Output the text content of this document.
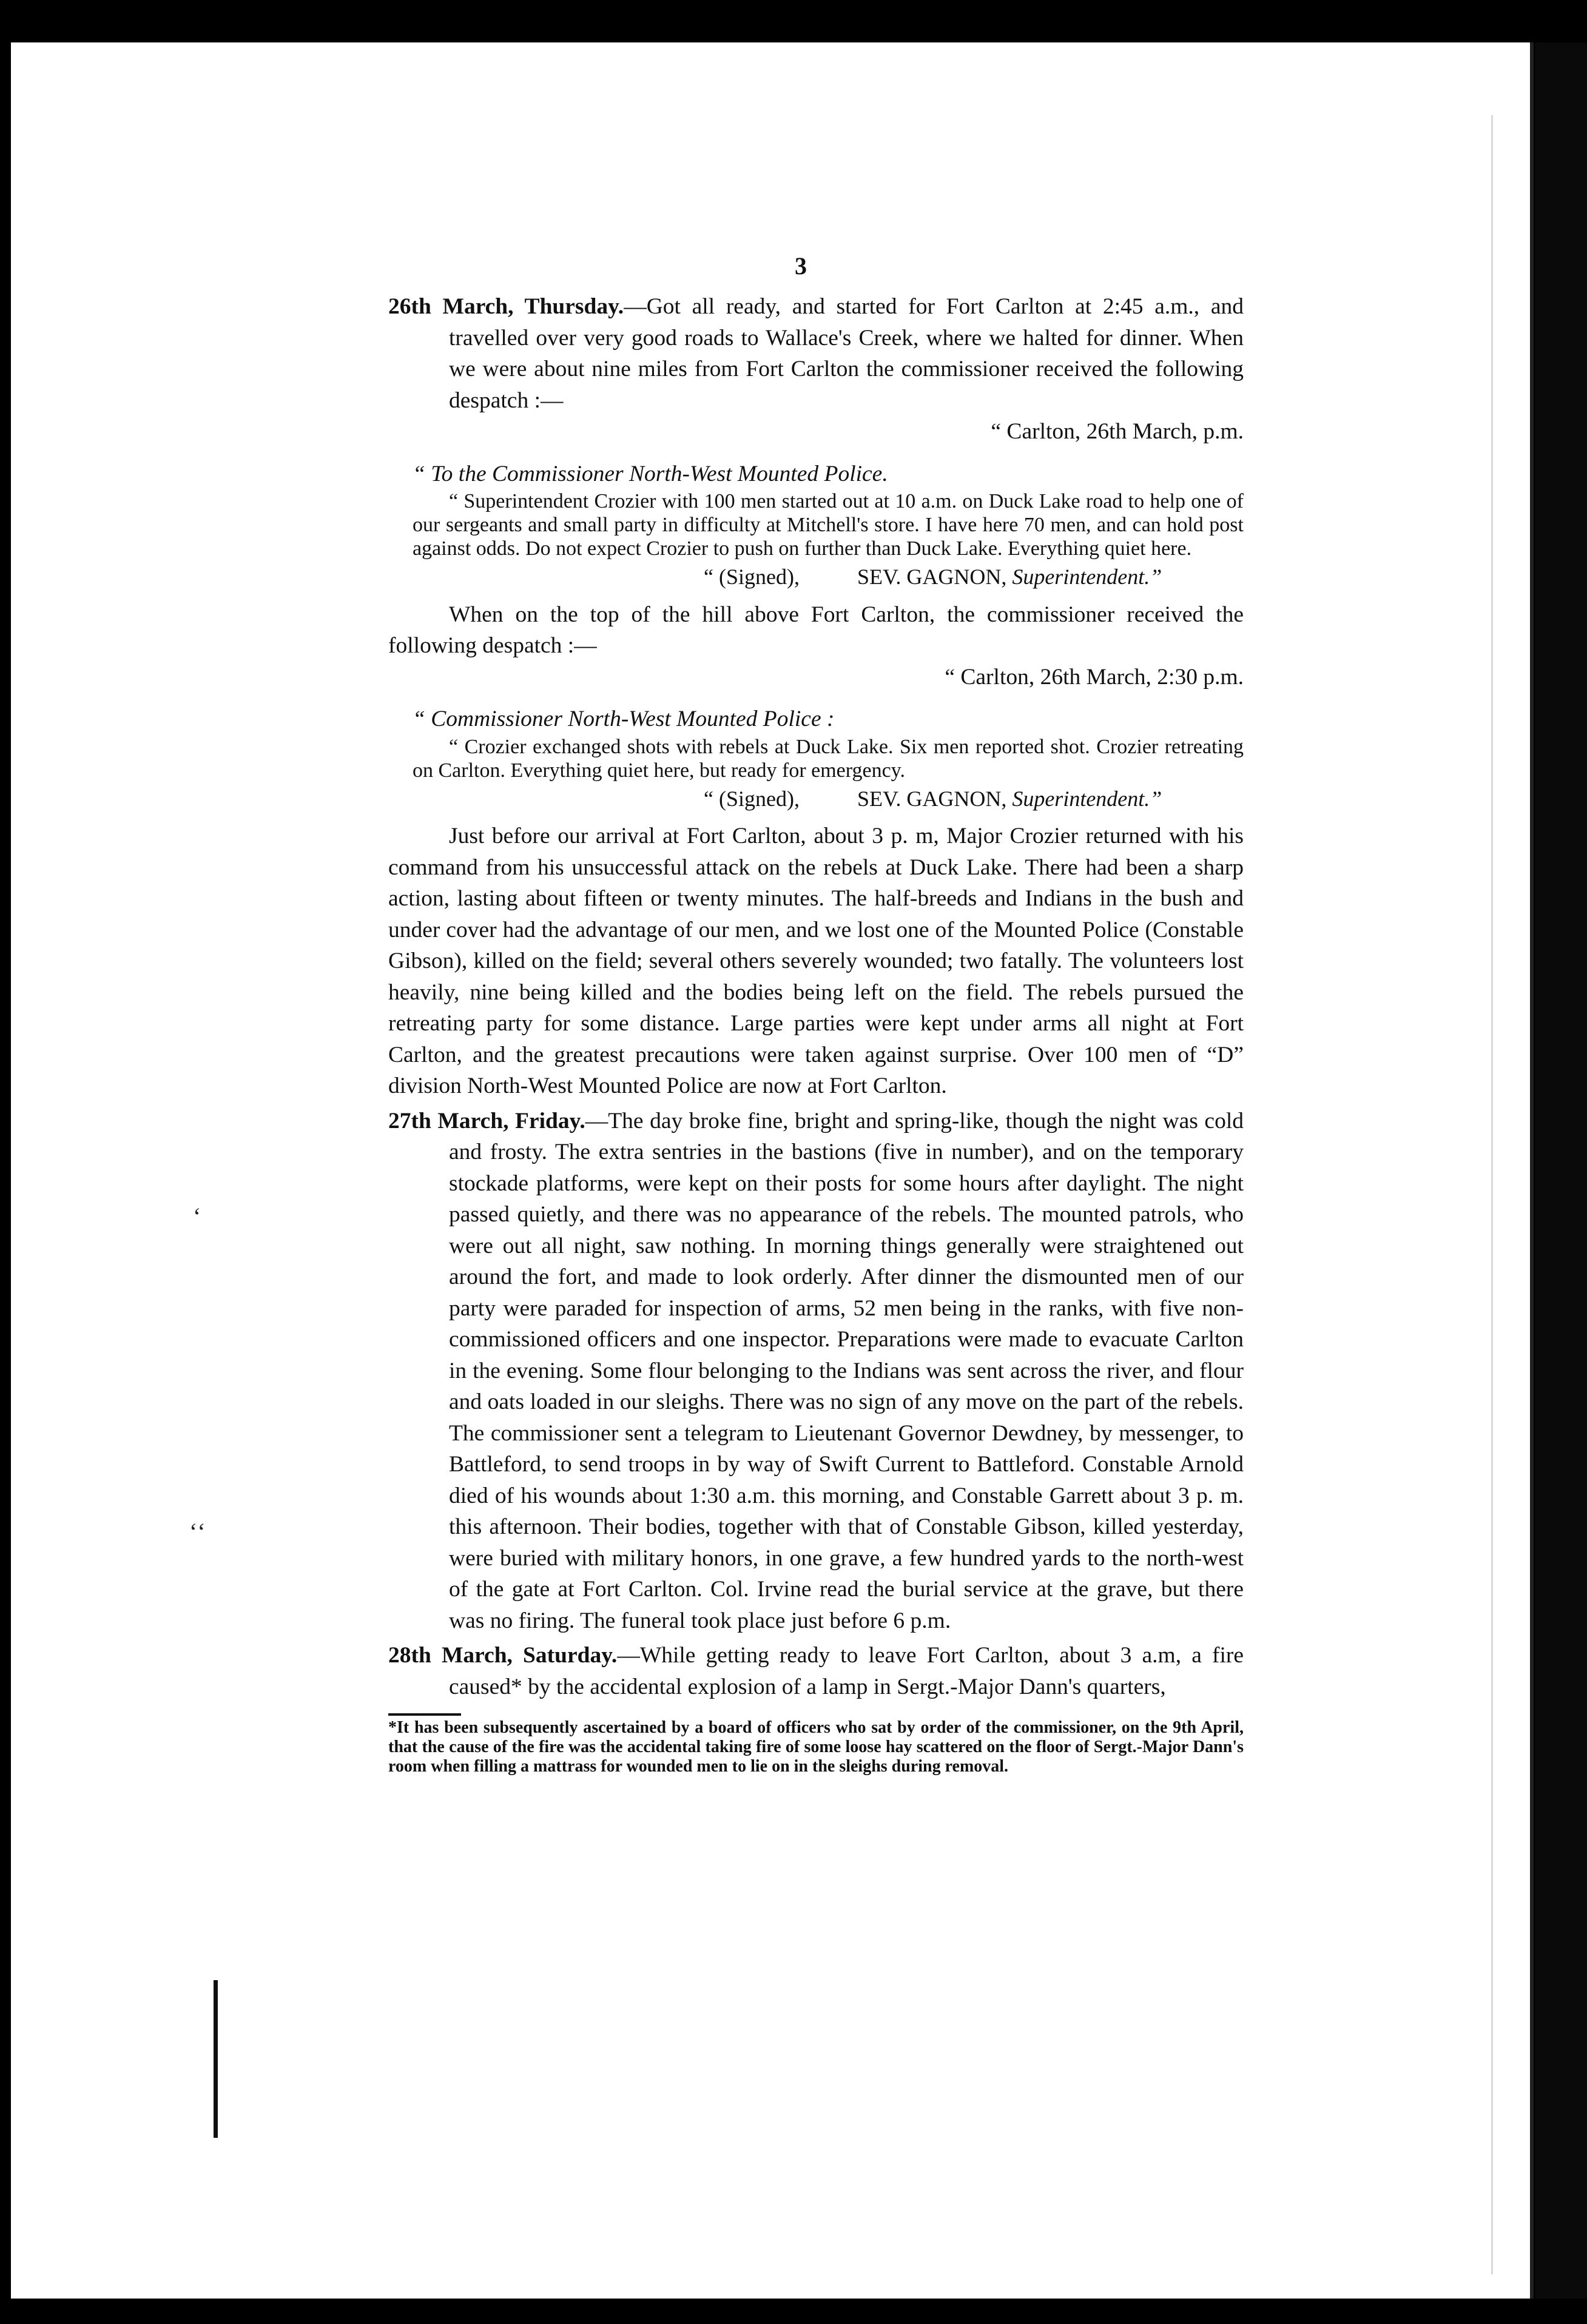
ʻ
ʻʻ
3

26th March, Thursday.—Got all ready, and started for Fort Carlton at 2:45 a.m., and travelled over very good roads to Wallace's Creek, where we halted for dinner. When we were about nine miles from Fort Carlton the commissioner received the following despatch :—

“ Carlton, 26th March, p.m.

“ To the Commissioner North-West Mounted Police.

“ Superintendent Crozier with 100 men started out at 10 a.m. on Duck Lake road to help one of our sergeants and small party in difficulty at Mitchell's store. I have here 70 men, and can hold post against odds. Do not expect Crozier to push on further than Duck Lake. Everything quiet here.

“ (Signed),	SEV. GAGNON, Superintendent.”

When on the top of the hill above Fort Carlton, the commissioner received the following despatch :—

“ Carlton, 26th March, 2:30 p.m.

“ Commissioner North-West Mounted Police :

“ Crozier exchanged shots with rebels at Duck Lake. Six men reported shot. Crozier retreating on Carlton. Everything quiet here, but ready for emergency.

“ (Signed),	SEV. GAGNON, Superintendent.”

Just before our arrival at Fort Carlton, about 3 p. m, Major Crozier returned with his command from his unsuccessful attack on the rebels at Duck Lake. There had been a sharp action, lasting about fifteen or twenty minutes. The half-breeds and Indians in the bush and under cover had the advantage of our men, and we lost one of the Mounted Police (Constable Gibson), killed on the field; several others severely wounded; two fatally. The volunteers lost heavily, nine being killed and the bodies being left on the field. The rebels pursued the retreating party for some distance. Large parties were kept under arms all night at Fort Carlton, and the greatest precautions were taken against surprise. Over 100 men of “D” division North-West Mounted Police are now at Fort Carlton.

27th March, Friday.—The day broke fine, bright and spring-like, though the night was cold and frosty. The extra sentries in the bastions (five in number), and on the temporary stockade platforms, were kept on their posts for some hours after daylight. The night passed quietly, and there was no appearance of the rebels. The mounted patrols, who were out all night, saw nothing. In morning things generally were straightened out around the fort, and made to look orderly. After dinner the dismounted men of our party were paraded for inspection of arms, 52 men being in the ranks, with five non-commissioned officers and one inspector. Preparations were made to evacuate Carlton in the evening. Some flour belonging to the Indians was sent across the river, and flour and oats loaded in our sleighs. There was no sign of any move on the part of the rebels. The commissioner sent a telegram to Lieutenant Governor Dewdney, by messenger, to Battleford, to send troops in by way of Swift Current to Battleford. Constable Arnold died of his wounds about 1:30 a.m. this morning, and Constable Garrett about 3 p. m. this afternoon. Their bodies, together with that of Constable Gibson, killed yesterday, were buried with military honors, in one grave, a few hundred yards to the north-west of the gate at Fort Carlton. Col. Irvine read the burial service at the grave, but there was no firing. The funeral took place just before 6 p.m.

28th March, Saturday.—While getting ready to leave Fort Carlton, about 3 a.m, a fire caused* by the accidental explosion of a lamp in Sergt.-Major Dann's quarters,

*It has been subsequently ascertained by a board of officers who sat by order of the commissioner, on the 9th April, that the cause of the fire was the accidental taking fire of some loose hay scattered on the floor of Sergt.-Major Dann's room when filling a mattrass for wounded men to lie on in the sleighs during removal.
